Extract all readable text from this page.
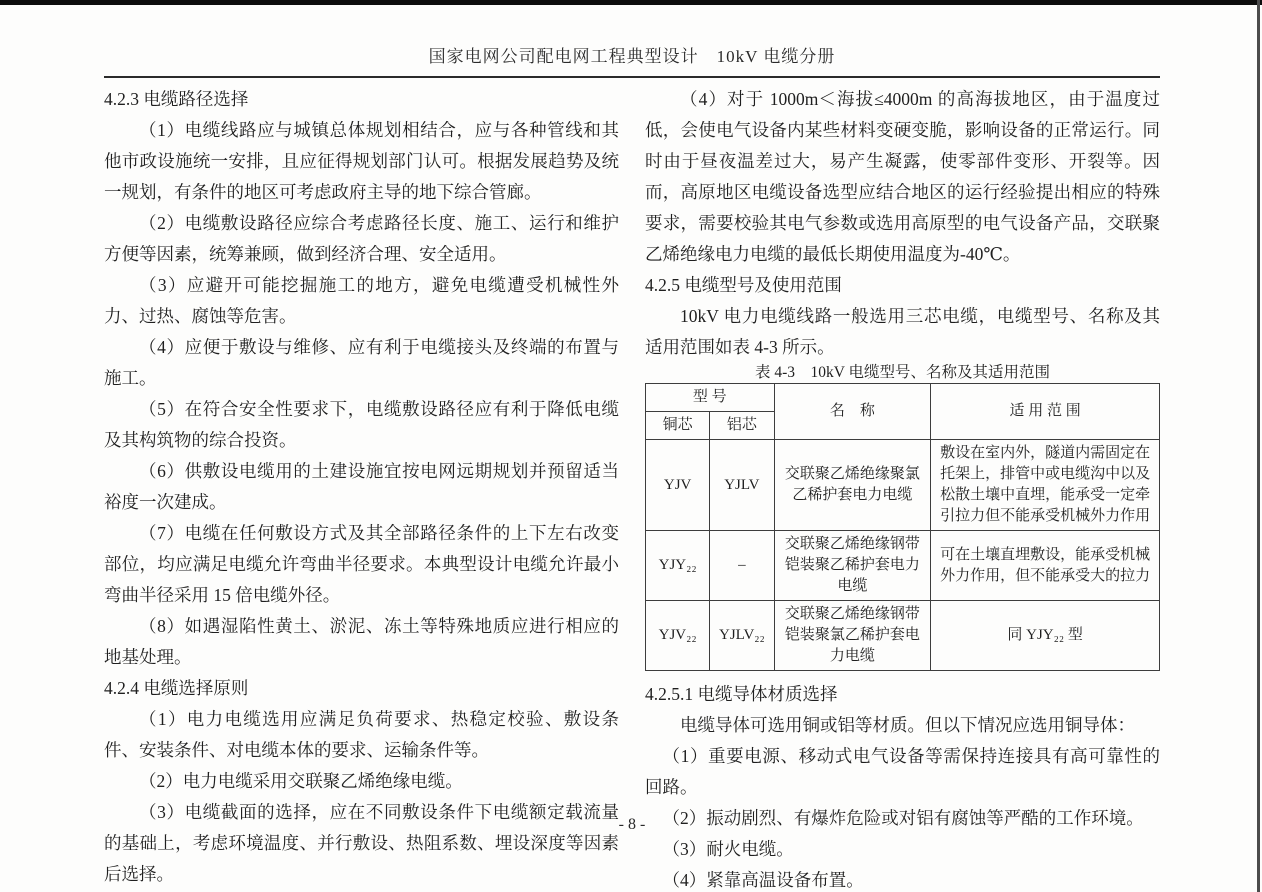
国家电网公司配电网工程典型设计　10kV 电缆分册

4.2.3 电缆路径选择

（1）电缆线路应与城镇总体规划相结合，应与各种管线和其他市政设施统一安排，且应征得规划部门认可。根据发展趋势及统一规划，有条件的地区可考虑政府主导的地下综合管廊。

（2）电缆敷设路径应综合考虑路径长度、施工、运行和维护方便等因素，统筹兼顾，做到经济合理、安全适用。

（3）应避开可能挖掘施工的地方，避免电缆遭受机械性外力、过热、腐蚀等危害。

（4）应便于敷设与维修、应有利于电缆接头及终端的布置与施工。

（5）在符合安全性要求下，电缆敷设路径应有利于降低电缆及其构筑物的综合投资。

（6）供敷设电缆用的土建设施宜按电网远期规划并预留适当裕度一次建成。

（7）电缆在任何敷设方式及其全部路径条件的上下左右改变部位，均应满足电缆允许弯曲半径要求。本典型设计电缆允许最小弯曲半径采用 15 倍电缆外径。

（8）如遇湿陷性黄土、淤泥、冻土等特殊地质应进行相应的地基处理。

4.2.4 电缆选择原则

（1）电力电缆选用应满足负荷要求、热稳定校验、敷设条件、安装条件、对电缆本体的要求、运输条件等。

（2）电力电缆采用交联聚乙烯绝缘电缆。

（3）电缆截面的选择，应在不同敷设条件下电缆额定载流量的基础上，考虑环境温度、并行敷设、热阻系数、埋设深度等因素后选择。

（4）对于 1000m＜海拔≤4000m 的高海拔地区，由于温度过低，会使电气设备内某些材料变硬变脆，影响设备的正常运行。同时由于昼夜温差过大，易产生凝露，使零部件变形、开裂等。因而，高原地区电缆设备选型应结合地区的运行经验提出相应的特殊要求，需要校验其电气参数或选用高原型的电气设备产品，交联聚乙烯绝缘电力电缆的最低长期使用温度为-40℃。

4.2.5 电缆型号及使用范围

10kV 电力电缆线路一般选用三芯电缆，电缆型号、名称及其适用范围如表 4-3 所示。

表 4-3　10kV 电缆型号、名称及其适用范围

型 号		名　称	适 用 范 围
铜芯	铝芯		
YJV	YJLV	交联聚乙烯绝缘聚氯乙稀护套电力电缆	敷设在室内外，隧道内需固定在托架上，排管中或电缆沟中以及松散土壤中直埋，能承受一定牵引拉力但不能承受机械外力作用
YJY₂₂	–	交联聚乙烯绝缘钢带铠装聚乙稀护套电力电缆	可在土壤直埋敷设，能承受机械外力作用，但不能承受大的拉力
YJV₂₂	YJLV₂₂	交联聚乙烯绝缘钢带铠装聚氯乙稀护套电力电缆	同 YJY₂₂ 型

4.2.5.1 电缆导体材质选择

电缆导体可选用铜或铝等材质。但以下情况应选用铜导体：

（1）重要电源、移动式电气设备等需保持连接具有高可靠性的回路。

（2）振动剧烈、有爆炸危险或对铝有腐蚀等严酷的工作环境。

（3）耐火电缆。

（4）紧靠高温设备布置。

- 8 -
